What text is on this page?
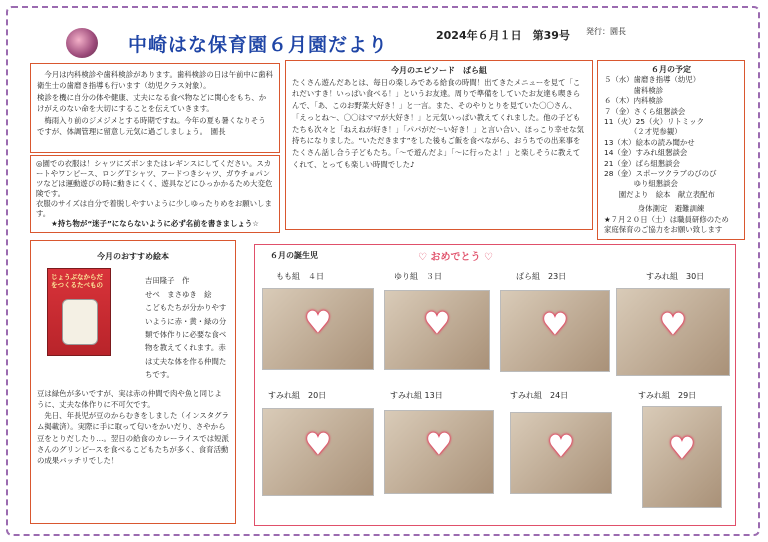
中崎はな保育園６月園だより	2024年６月１日　第39号 発行：園長

今月は内科検診や歯科検診があります。歯科検診の日は午前中に歯科衛生士の歯磨き指導も行います（幼児クラス対象）。

検診を機に自分の体や健康、丈夫になる食べ物などに関心をもち、かけがえのない命を大切にすることを伝えていきます。

梅雨入り前のジメジメとする時期ですね。今年の夏も暑くなりそうですが、体調管理に留意し元気に過ごしましょう。　園長

◎園での衣服は！シャツにズボンまたはレギンスにしてください。スカートやワンピース、ロングＴシャツ、フードつきシャツ、ガウチョパンツなどは運動遊びの時に動きにくく、遊具などにひっかかるため大変危険です。

衣服のサイズは自分で着脱しやすいように少しゆったりめをお願いします。

★持ち物が“迷子”にならないように必ず名前を書きましょう☆

今月のエピソード　ばら組

たくさん遊んだあとは、毎日の楽しみである給食の時間！出てきたメニューを見て「これだいすき！いっぱい食べる！」というお友達。周りで準備をしていたお友達も喫きらんで、「あ、このお野菜大好き！」と一言。また、そのやりとりを見ていた〇〇さん、「えっとね～、〇〇はママが大好き！」と元気いっぱい教えてくれました。他の子どもたちも次々と「ねえねが好き！」「パパがだ～い好き！」と言い合い、ほっこり幸せな気持ちになりました。“いただきます”をした後もご飯を食べながら、おうちでの出来事をたくさん話し合う子どもたち。「～で遊んだよ」「～に行ったよ！」と楽しそうに教えてくれて、とっても楽しい時間でした♪

６月の予定
５（水）歯磨き指導（幼児）
　　　　歯科検診
６（木）内科検診
７（金）さくら組懇談会
11（火）25（火）リトミック
　　　　（２才児参観）
13（木）絵本の読み聞かせ
14（金）すみれ組懇談会
21（金）ばら組懇談会
28（金）スポーツクラブのびのび
　　　　ゆり組懇談会
　　園だより　絵本　献立表配布
身体測定　避難訓練
★７月２０日（土）は職員研修のため
家庭保育のご協力をお願い致します
今月のおすすめ絵本
吉田隆子　作
せべ　まさゆき　絵
こどもたちが分かりやすいように赤・黄・緑の分類で体作りに必要な食べ物を教えてくれます。赤は丈夫な体を作る仲間たちです。

豆は緑色が多いですが、実は赤の仲間で肉や魚と同じように、丈夫な体作りに不可欠です。

先日、年長児が豆のからむきをしました（インスタグラム掲載済）。実際に手に取って匂いをかいだり、さやから豆をとりだしたり…。翌日の給食のカレーライスでは短派さんのグリンピースを食べるこどもたちが多く、食育活動の成果バッチリでした！

じょうぶなからだをつくるたべもの
６月の誕生児	♡ おめでとう ♡
もも組　４日	ゆり組　３日	ばら組　23日	すみれ組　30日
♥	♥	♥	♥
すみれ組　20日	すみれ組 13日	すみれ組　24日	すみれ組　29日
♥	♥	♥	♥
